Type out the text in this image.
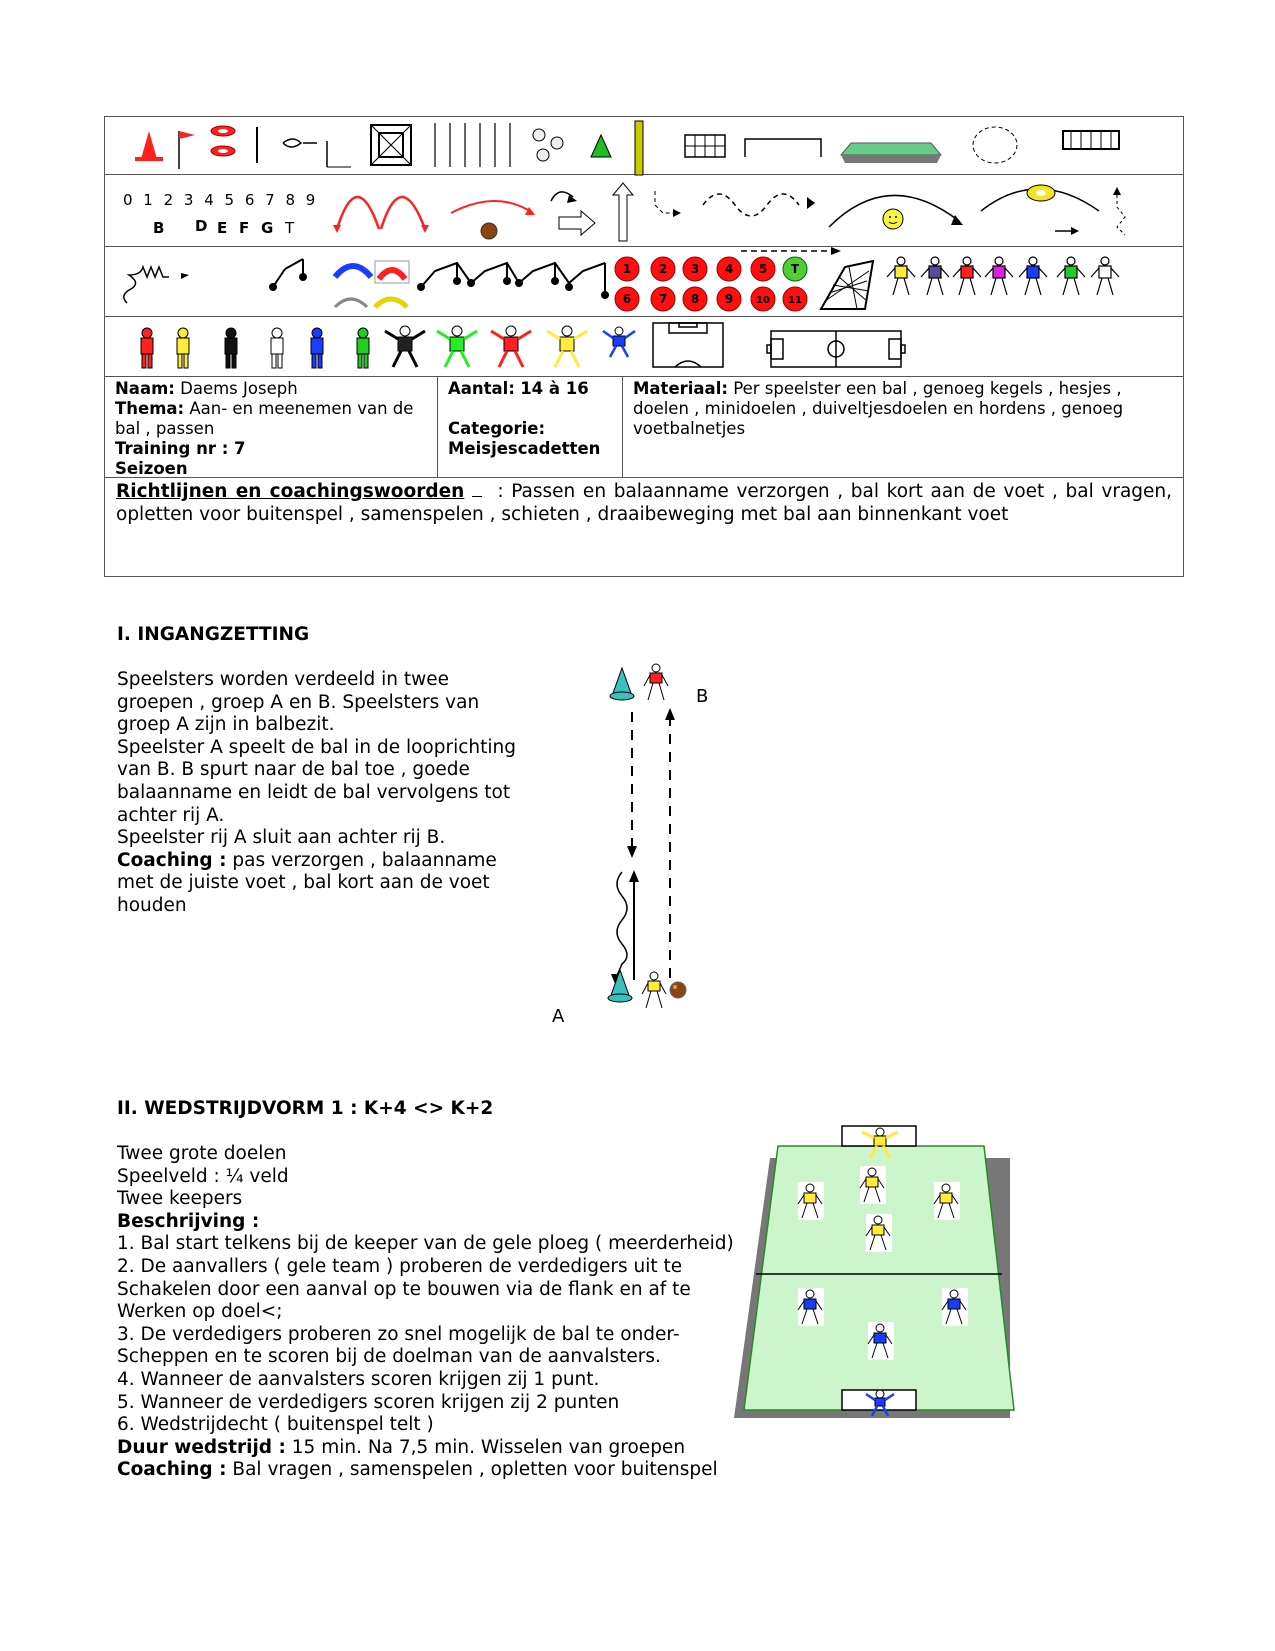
0 1 2 3 4 5 6 7 8 9
B D E F G T
1 2 3 4 5 T
6 7 8 9 10 11
Naam: Daems Joseph
Thema: Aan- en meenemen van de bal , passen
Training nr : 7
Seizoen
Aantal: 14 à 16
Categorie:
Meisjescadetten
Materiaal: Per speelster een bal , genoeg kegels , hesjes , doelen , minidoelen , duiveltjesdoelen en hordens , genoeg voetbalnetjes
Richtlijnen en coachingswoorden : Passen en balaanname verzorgen , bal kort aan de voet , bal vragen, opletten voor buitenspel , samenspelen , schieten , draaibeweging met bal aan binnenkant voet
I. INGANGZETTING
Speelsters worden verdeeld in twee
groepen , groep A en B. Speelsters van
groep A zijn in balbezit.
Speelster A speelt de bal in de looprichting
van B. B spurt naar de bal toe , goede
balaanname en leidt de bal vervolgens tot
achter rij A.
Speelster rij A sluit aan achter rij B.
Coaching : pas verzorgen , balaanname
met de juiste voet , bal kort aan de voet
houden
B
A
II. WEDSTRIJDVORM 1 : K+4 <> K+2
Twee grote doelen
Speelveld : ¼ veld
Twee keepers
Beschrijving :
1. Bal start telkens bij de keeper van de gele ploeg ( meerderheid)
2. De aanvallers ( gele team ) proberen de verdedigers uit te
Schakelen door een aanval op te bouwen via de flank en af te
Werken op doel<;
3. De verdedigers proberen zo snel mogelijk de bal te onder-
Scheppen en te scoren bij de doelman van de aanvalsters.
4. Wanneer de aanvalsters scoren krijgen zij 1 punt.
5. Wanneer de verdedigers scoren krijgen zij 2 punten
6. Wedstrijdecht ( buitenspel telt )
Duur wedstrijd : 15 min. Na 7,5 min. Wisselen van groepen
Coaching : Bal vragen , samenspelen , opletten voor buitenspel
